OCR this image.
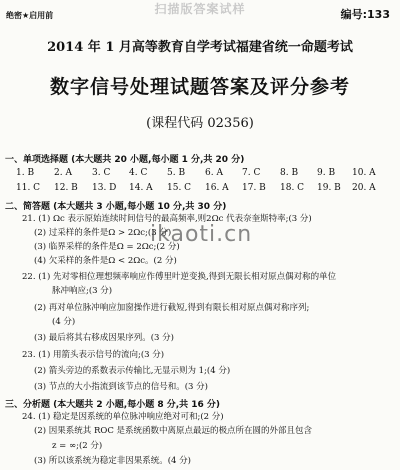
扫描版答案试样
绝密★启用前	编号:133
2014 年 1 月高等教育自学考试福建省统一命题考试
数字信号处理试题答案及评分参考
(课程代码 02356)
一、单项选择题 (本大题共 20 小题,每小题 1 分,共 20 分)
1. B 2. A 3. C 4. C 5. B 6. A 7. C 8. B 9. B 10. A
11. C 12. B 13. D 14. A 15. C 16. A 17. B 18. C 19. B 20. A
二、简答题 (本大题共 3 小题,每小题 10 分,共 30 分)
21. (1) Ωc 表示原始连续时间信号的最高频率,则2Ωc 代表奈奎斯特率;(3 分)
(2) 过采样的条件是Ω > 2Ωc;(3 分)
(3) 临界采样的条件是Ω = 2Ωc;(2 分)
(4) 欠采样的条件是Ω < 2Ωc。(2 分)
ikaoti.cn
22. (1) 先对零相位理想频率响应作傅里叶逆变换,得到无限长相对原点偶对称的单位
脉冲响应;(3 分)
(2) 再对单位脉冲响应加窗操作进行截短,得到有限长相对原点偶对称序列;
(4 分)
(3) 最后将其右移成因果序列。(3 分)
23. (1) 用箭头表示信号的流向;(3 分)
(2) 箭头旁边的系数表示传输比,无显示则为 1;(4 分)
(3) 节点的大小指流到该节点的信号和。(3 分)
三、分析题 (本大题共 2 小题,每小题 8 分,共 16 分)
24. (1) 稳定是因系统的单位脉冲响应绝对可和;(2 分)
(2) 因果系统其 ROC 是系统函数中离原点最远的极点所在圆的外部且包含
z = ∞;(2 分)
(3) 所以该系统为稳定非因果系统。(4 分)
